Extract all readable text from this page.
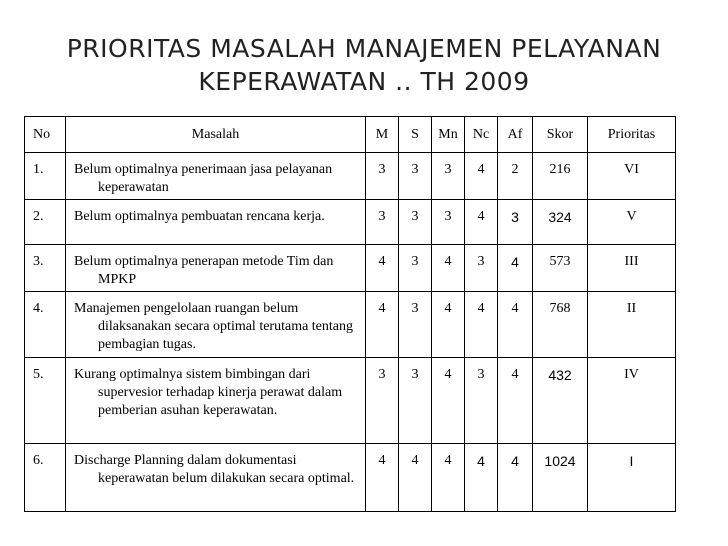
PRIORITAS MASALAH MANAJEMEN PELAYANAN
KEPERAWATAN .. TH 2009
No	Masalah	M	S	Mn	Nc	Af	Skor	Prioritas
1.	Belum optimalnya penerimaan jasa pelayanan keperawatan	3	3	3	4	2	216	VI
2.	Belum optimalnya pembuatan rencana kerja.	3	3	3	4	3	324	V
3.	Belum optimalnya penerapan metode Tim dan MPKP	4	3	4	3	4	573	III
4.	Manajemen pengelolaan ruangan belum dilaksanakan secara optimal terutama tentang pembagian tugas.	4	3	4	4	4	768	II
5.	Kurang optimalnya sistem bimbingan dari supervesior terhadap kinerja perawat dalam pemberian asuhan keperawatan.	3	3	4	3	4	432	IV
6.	Discharge Planning dalam dokumentasi keperawatan belum dilakukan secara optimal.	4	4	4	4	4	1024	I
